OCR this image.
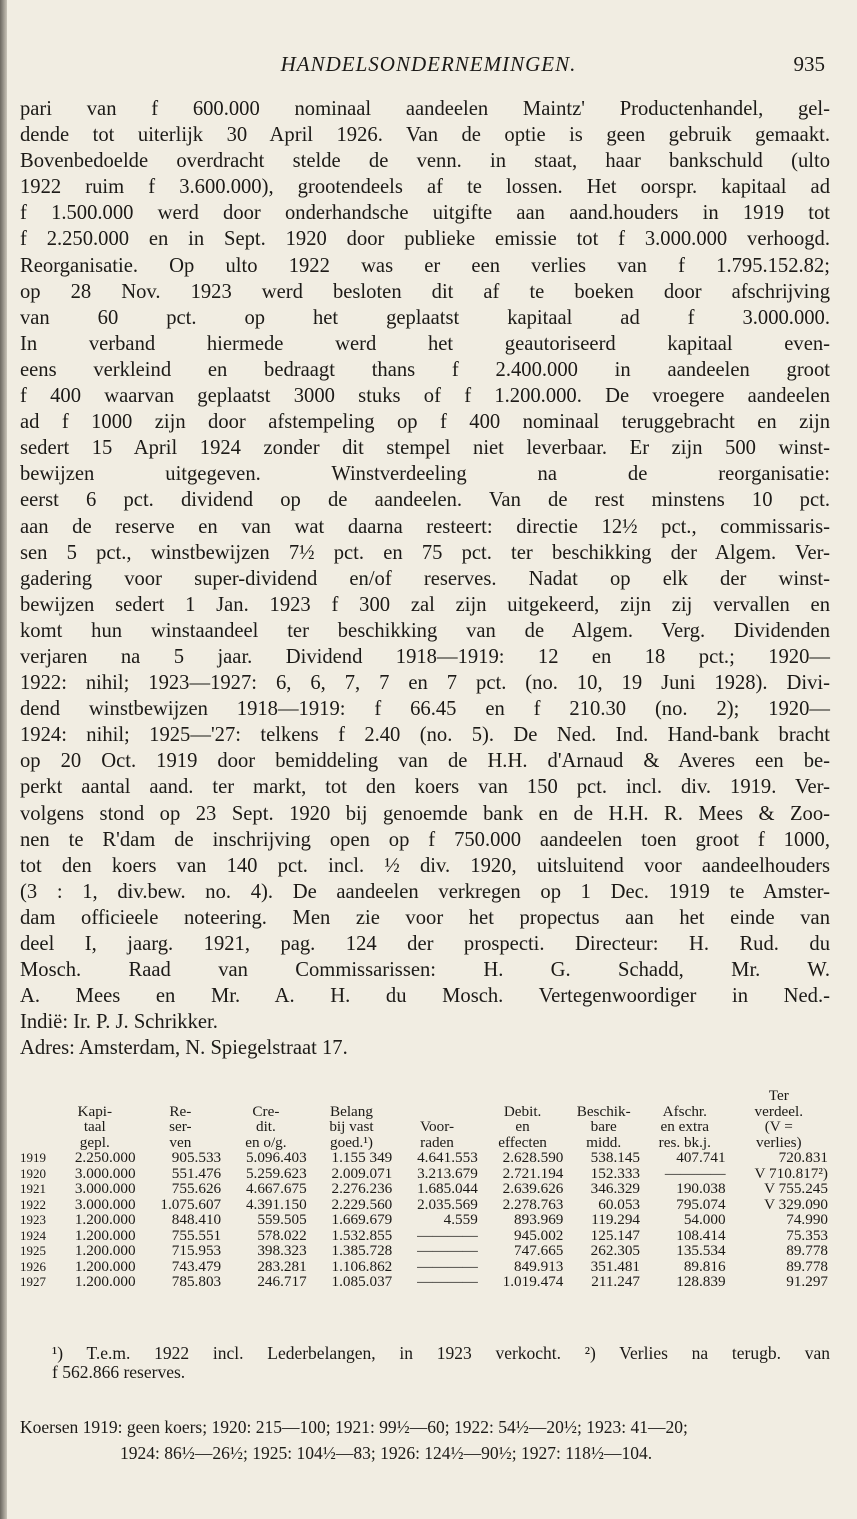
HANDELSONDERNEMINGEN.	935
pari van f 600.000 nominaal aandeelen Maintz' Productenhandel, gel-
dende tot uiterlijk 30 April 1926. Van de optie is geen gebruik gemaakt.
Bovenbedoelde overdracht stelde de venn. in staat, haar bankschuld (ulto
1922 ruim f 3.600.000), grootendeels af te lossen. Het oorspr. kapitaal ad
f 1.500.000 werd door onderhandsche uitgifte aan aand.houders in 1919 tot
f 2.250.000 en in Sept. 1920 door publieke emissie tot f 3.000.000 verhoogd.
Reorganisatie. Op ulto 1922 was er een verlies van f 1.795.152.82;
op 28 Nov. 1923 werd besloten dit af te boeken door afschrijving
van 60 pct. op het geplaatst kapitaal ad f 3.000.000.
In verband hiermede werd het geautoriseerd kapitaal even-
eens verkleind en bedraagt thans f 2.400.000 in aandeelen groot
f 400 waarvan geplaatst 3000 stuks of f 1.200.000. De vroegere aandeelen
ad f 1000 zijn door afstempeling op f 400 nominaal teruggebracht en zijn
sedert 15 April 1924 zonder dit stempel niet leverbaar. Er zijn 500 winst-
bewijzen uitgegeven. Winstverdeeling na de reorganisatie:
eerst 6 pct. dividend op de aandeelen. Van de rest minstens 10 pct.
aan de reserve en van wat daarna resteert: directie 12½ pct., commissaris-
sen 5 pct., winstbewijzen 7½ pct. en 75 pct. ter beschikking der Algem. Ver-
gadering voor super-dividend en/of reserves. Nadat op elk der winst-
bewijzen sedert 1 Jan. 1923 f 300 zal zijn uitgekeerd, zijn zij vervallen en
komt hun winstaandeel ter beschikking van de Algem. Verg. Dividenden
verjaren na 5 jaar. Dividend 1918—1919: 12 en 18 pct.; 1920—
1922: nihil; 1923—1927: 6, 6, 7, 7 en 7 pct. (no. 10, 19 Juni 1928). Divi-
dend winstbewijzen 1918—1919: f 66.45 en f 210.30 (no. 2); 1920—
1924: nihil; 1925—'27: telkens f 2.40 (no. 5). De Ned. Ind. Hand-bank bracht
op 20 Oct. 1919 door bemiddeling van de H.H. d'Arnaud & Averes een be-
perkt aantal aand. ter markt, tot den koers van 150 pct. incl. div. 1919. Ver-
volgens stond op 23 Sept. 1920 bij genoemde bank en de H.H. R. Mees & Zoo-
nen te R'dam de inschrijving open op f 750.000 aandeelen toen groot f 1000,
tot den koers van 140 pct. incl. ½ div. 1920, uitsluitend voor aandeelhouders
(3 : 1, div.bew. no. 4). De aandeelen verkregen op 1 Dec. 1919 te Amster-
dam officieele noteering. Men zie voor het propectus aan het einde van
deel I, jaarg. 1921, pag. 124 der prospecti. Directeur: H. Rud. du
Mosch. Raad van Commissarissen: H. G. Schadd, Mr. W.
A. Mees en Mr. A. H. du Mosch. Vertegenwoordiger in Ned.-
Indië: Ir. P. J. Schrikker.
Adres: Amsterdam, N. Spiegelstraat 17.
									Ter
	Kapi-	Re-	Cre-	Belang		Debit.	Beschik-	Afschr.	verdeel.
	taal	ser-	dit.	bij vast	Voor-	en	bare	en extra	(V =
	gepl.	ven	en o/g.	goed.¹)	raden	effecten	midd.	res. bk.j.	verlies)
1919	2.250.000	905.533	5.096.403	1.155 349	4.641.553	2.628.590	538.145	407.741	720.831
1920	3.000.000	551.476	5.259.623	2.009.071	3.213.679	2.721.194	152.333	————	V 710.817²)
1921	3.000.000	755.626	4.667.675	2.276.236	1.685.044	2.639.626	346.329	190.038	V 755.245
1922	3.000.000	1.075.607	4.391.150	2.229.560	2.035.569	2.278.763	60.053	795.074	V 329.090
1923	1.200.000	848.410	559.505	1.669.679	4.559	893.969	119.294	54.000	74.990
1924	1.200.000	755.551	578.022	1.532.855	————	945.002	125.147	108.414	75.353
1925	1.200.000	715.953	398.323	1.385.728	————	747.665	262.305	135.534	89.778
1926	1.200.000	743.479	283.281	1.106.862	————	849.913	351.481	89.816	89.778
1927	1.200.000	785.803	246.717	1.085.037	————	1.019.474	211.247	128.839	91.297
¹) T.e.m. 1922 incl. Lederbelangen, in 1923 verkocht. ²) Verlies na terugb. van
f 562.866 reserves.
Koersen 1919: geen koers; 1920: 215—100; 1921: 99½—60; 1922: 54½—20½; 1923: 41—20;
1924: 86½—26½; 1925: 104½—83; 1926: 124½—90½; 1927: 118½—104.
